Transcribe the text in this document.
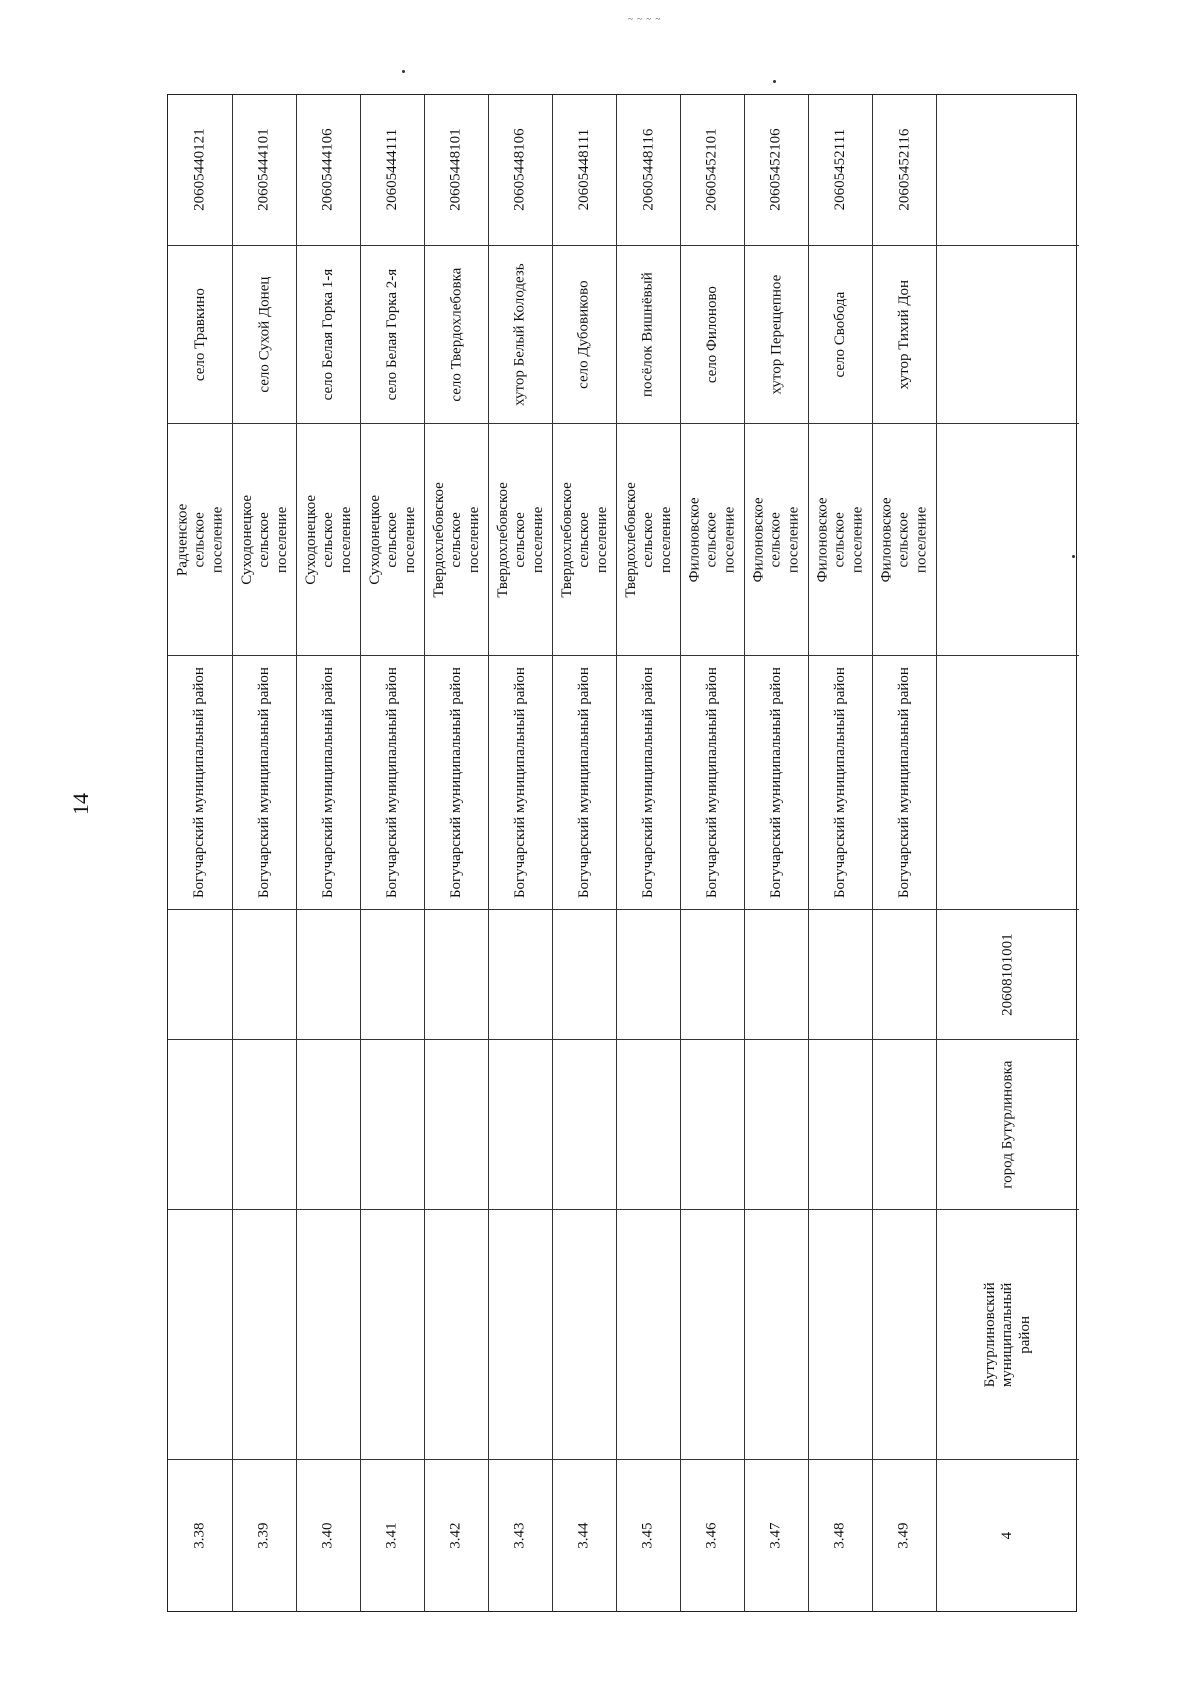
14
~ ~ ~ ~
20605440121
село Травкино
Радченское сельское поселение
Богучарский муниципальный район
3.38
20605444101
село Сухой Донец
Суходонецкое сельское поселение
Богучарский муниципальный район
3.39
20605444106
село Белая Горка 1-я
Суходонецкое сельское поселение
Богучарский муниципальный район
3.40
20605444111
село Белая Горка 2-я
Суходонецкое сельское поселение
Богучарский муниципальный район
3.41
20605448101
село Твердохлебовка
Твердохлебовское сельское поселение
Богучарский муниципальный район
3.42
20605448106
хутор Белый Колодезь
Твердохлебовское сельское поселение
Богучарский муниципальный район
3.43
20605448111
село Дубовиково
Твердохлебовское сельское поселение
Богучарский муниципальный район
3.44
20605448116
посёлок Вишнёвый
Твердохлебовское сельское поселение
Богучарский муниципальный район
3.45
20605452101
село Филоново
Филоновское сельское поселение
Богучарский муниципальный район
3.46
20605452106
хутор Перещепное
Филоновское сельское поселение
Богучарский муниципальный район
3.47
20605452111
село Свобода
Филоновское сельское поселение
Богучарский муниципальный район
3.48
20605452116
хутор Тихий Дон
Филоновское сельское поселение
Богучарский муниципальный район
3.49
20608101001
город Бутурлиновка
Бутурлиновский муниципальный район
4
